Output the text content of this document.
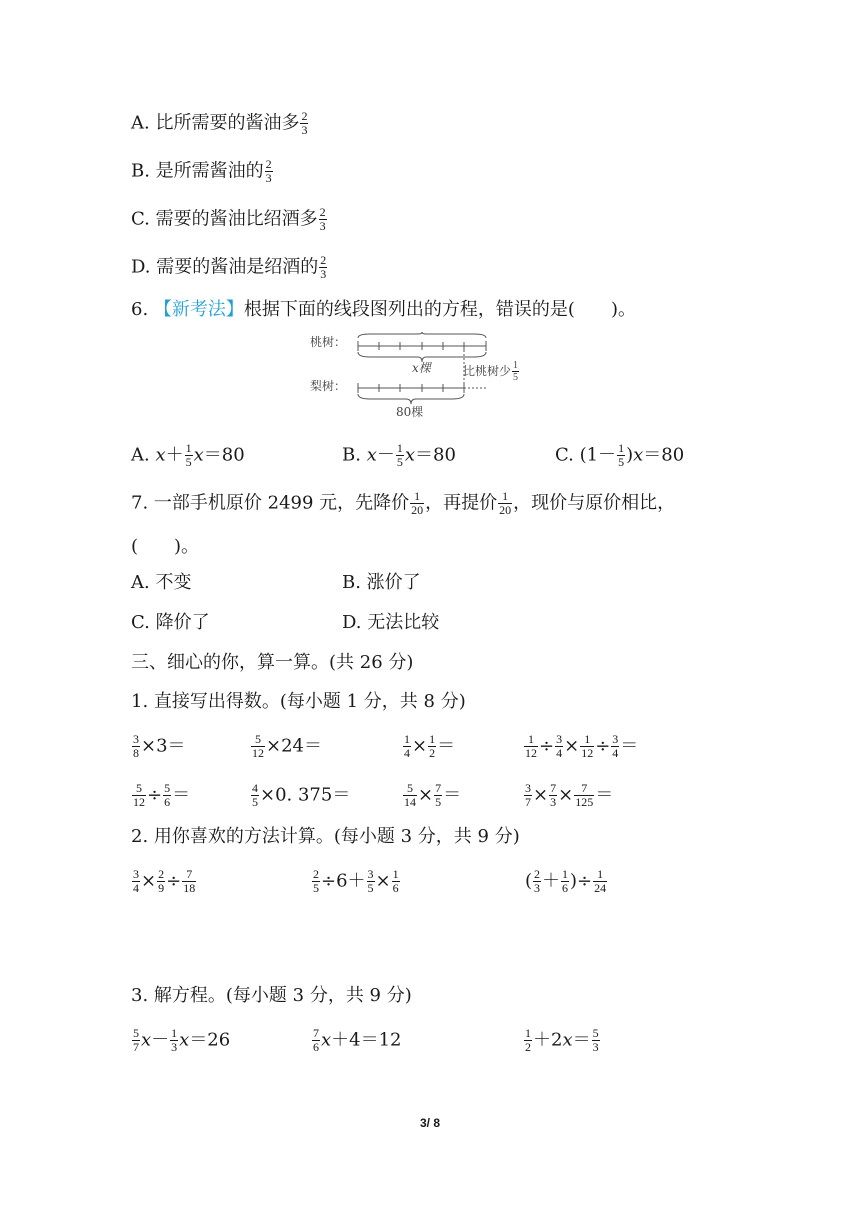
A. 比所需要的酱油多 $\frac{2}{3}$
B. 是所需酱油的 $\frac{2}{3}$
C. 需要的酱油比绍酒多 $\frac{2}{3}$
D. 需要的酱油是绍酒的 $\frac{2}{3}$
6. 【新考法】根据下面的线段图列出的方程，错误的是(　　)。
桃树：
梨树：
x棵	比桃树少 $\frac{1}{5}$
80棵
A. $x+ \frac{1}{5} x=80$	B. $x- \frac{1}{5} x=80$	C. $(1- \frac{1}{5} )x=80$
7. 一部手机原价 2499 元，先降价 $\frac{1}{20}$ ，再提价 $\frac{1}{20}$ ，现价与原价相比，
(　　)。
A. 不变	B. 涨价了
C. 降价了	D. 无法比较
三、细心的你，算一算。(共 26 分)
1. 直接写出得数。(每小题 1 分，共 8 分)
$\frac{3}{8} \times 3=$	$\frac{5}{12} \times 24=$	$\frac{1}{4} \times \frac{1}{2}$ ＝	$\frac{1}{12} \div \frac{3}{4} \times \frac{1}{12} \div \frac{3}{4}$ ＝
$\frac{5}{12} \div \frac{5}{6}$ ＝	$\frac{4}{5} \times 0$. 375＝	$\frac{5}{14} \times \frac{7}{5}$ ＝	$\frac{3}{7} \times \frac{7}{3} \times \frac{7}{125}$ ＝
2. 用你喜欢的方法计算。(每小题 3 分，共 9 分)
$\frac{3}{4} \times \frac{2}{9} \div \frac{7}{18}$	$\frac{2}{5} \div 6+ \frac{3}{5} \times \frac{1}{6}$	( $\frac{2}{3} + \frac{1}{6}$ )÷ $\frac{1}{24}$
3. 解方程。(每小题 3 分，共 9 分)
$\frac{5}{7} x- \frac{1}{3} x=26$	$\frac{7}{6} x+4=12$	$\frac{1}{2} +2x= \frac{5}{3}$
3/ 8
